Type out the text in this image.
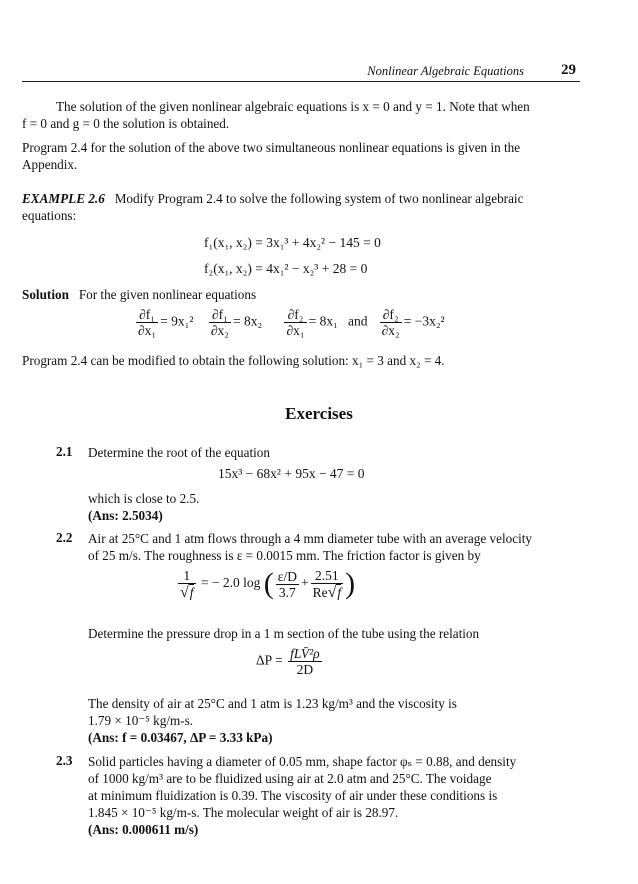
Nonlinear Algebraic Equations 29

The solution of the given nonlinear algebraic equations is x = 0 and y = 1. Note that when

f = 0 and g = 0 the solution is obtained.

Program 2.4 for the solution of the above two simultaneous nonlinear equations is given in the

Appendix.

EXAMPLE 2.6 Modify Program 2.4 to solve the following system of two nonlinear algebraic

equations:

f₁(x₁, x₂) = 3x₁³ + 4x₂² − 145 = 0
f₂(x₁, x₂) = 4x₁² − x₂³ + 28 = 0
Solution For the given nonlinear equations
$\frac{\text{∂f₁}}{\text{∂x₁}} = 9x_1^2 \frac{\text{∂f₁}}{\text{∂x₂}} = 8x_2 \frac{\text{∂f₂}}{\text{∂x₁}} = 8x_1$ and $\frac{\text{∂f₂}}{\text{∂x₂}} = -3x_2^2$

Program 2.4 can be modified to obtain the following solution: x₁ = 3 and x₂ = 4.

Exercises
2.1 Determine the root of the equation

15x³ − 68x² + 95x − 47 = 0

which is close to 2.5.

(Ans: 2.5034)

2.2 Air at 25°C and 1 atm flows through a 4 mm diameter tube with an average velocity

of 25 m/s. The roughness is ε = 0.0015 mm. The friction factor is given by

$\frac{1}{√f}$ = − 2.0 log ( $\frac{\varepsilon/D}{3.7} + \frac{2.51}{Re√f}$ )

Determine the pressure drop in a 1 m section of the tube using the relation

$\Delta P = \frac{\text{fLV̄²ρ}}{2D}$

The density of air at 25°C and 1 atm is 1.23 kg/m³ and the viscosity is

1.79 × 10⁻⁵ kg/m-s.

(Ans: f = 0.03467, ΔP = 3.33 kPa)

2.3 Solid particles having a diameter of 0.05 mm, shape factor φₛ = 0.88, and density

of 1000 kg/m³ are to be fluidized using air at 2.0 atm and 25°C. The voidage

at minimum fluidization is 0.39. The viscosity of air under these conditions is

1.845 × 10⁻⁵ kg/m-s. The molecular weight of air is 28.97.

(Ans: 0.000611 m/s)
